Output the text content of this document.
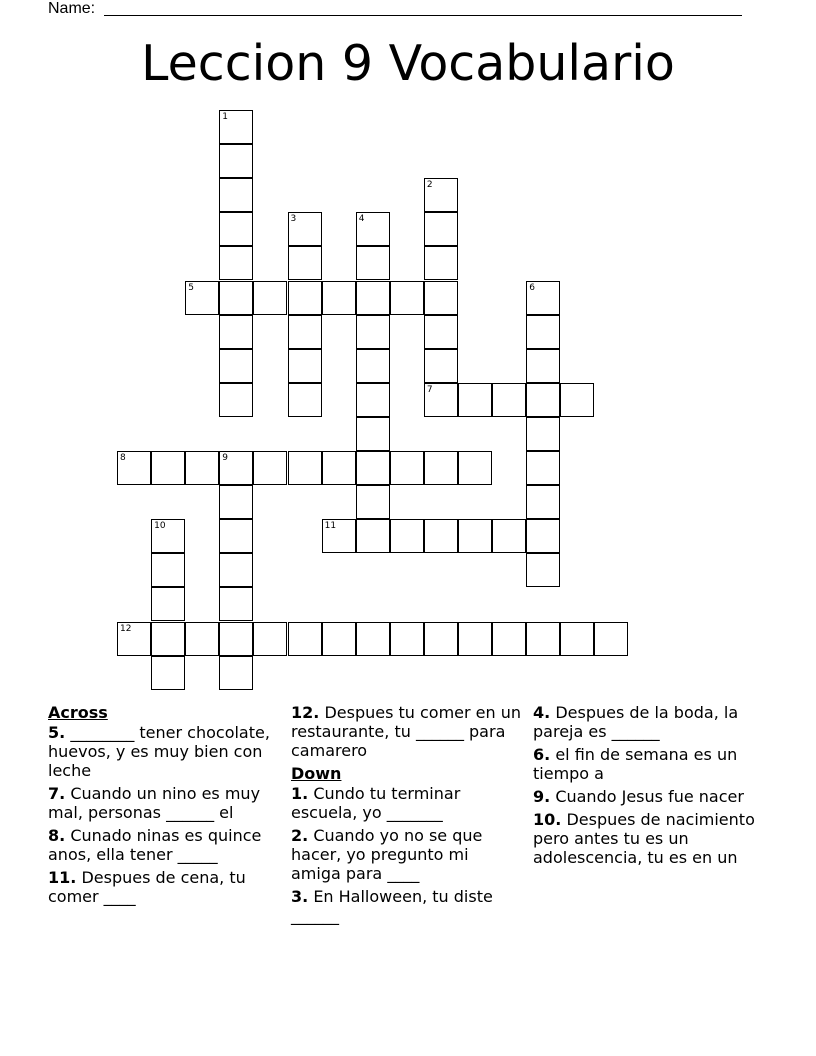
Name:
Leccion 9 Vocabulario
1
2
7
3	4
5	6
8	9
10	11
12
Across
5. ________ tener chocolate, huevos, y es muy bien con leche
7. Cuando un nino es muy mal, personas ______ el
8. Cunado ninas es quince anos, ella tener _____
11. Despues de cena, tu comer ____
12. Despues tu comer en un restaurante, tu ______ para camarero
Down
1. Cundo tu terminar escuela, yo _______
2. Cuando yo no se que hacer, yo pregunto mi amiga para ____
3. En Halloween, tu diste ______
4. Despues de la boda, la pareja es ______
6. el fin de semana es un tiempo a
9. Cuando Jesus fue nacer
10. Despues de nacimiento pero antes tu es un adolescencia, tu es en un
